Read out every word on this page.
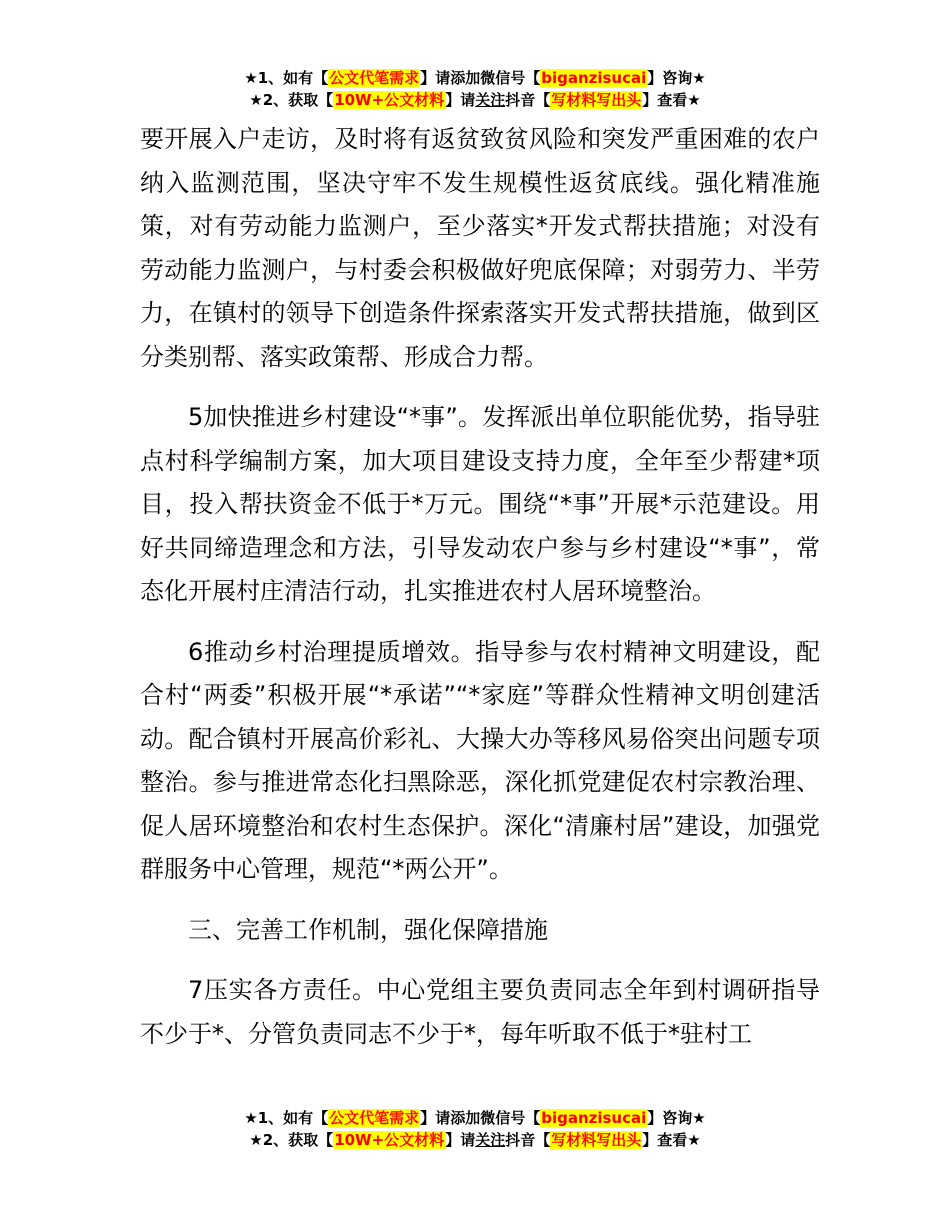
★1、如有【公文代笔需求】请添加微信号【biganzisucai】咨询★
★2、获取【10W+公文材料】请关注抖音【写材料写出头】查看★

要开展入户走访，及时将有返贫致贫风险和突发严重困难的农户纳入监测范围，坚决守牢不发生规模性返贫底线。强化精准施策，对有劳动能力监测户，至少落实*开发式帮扶措施；对没有劳动能力监测户，与村委会积极做好兜底保障；对弱劳力、半劳力，在镇村的领导下创造条件探索落实开发式帮扶措施，做到区分类别帮、落实政策帮、形成合力帮。

5加快推进乡村建设“*事”。发挥派出单位职能优势，指导驻点村科学编制方案，加大项目建设支持力度，全年至少帮建*项目，投入帮扶资金不低于*万元。围绕“*事”开展*示范建设。用好共同缔造理念和方法，引导发动农户参与乡村建设“*事”，常态化开展村庄清洁行动，扎实推进农村人居环境整治。

6推动乡村治理提质增效。指导参与农村精神文明建设，配合村“两委”积极开展“*承诺”“*家庭”等群众性精神文明创建活动。配合镇村开展高价彩礼、大操大办等移风易俗突出问题专项整治。参与推进常态化扫黑除恶，深化抓党建促农村宗教治理、促人居环境整治和农村生态保护。深化“清廉村居”建设，加强党群服务中心管理，规范“*两公开”。

三、完善工作机制，强化保障措施

7压实各方责任。中心党组主要负责同志全年到村调研指导不少于*、分管负责同志不少于*，每年听取不低于*驻村工

★1、如有【公文代笔需求】请添加微信号【biganzisucai】咨询★
★2、获取【10W+公文材料】请关注抖音【写材料写出头】查看★
